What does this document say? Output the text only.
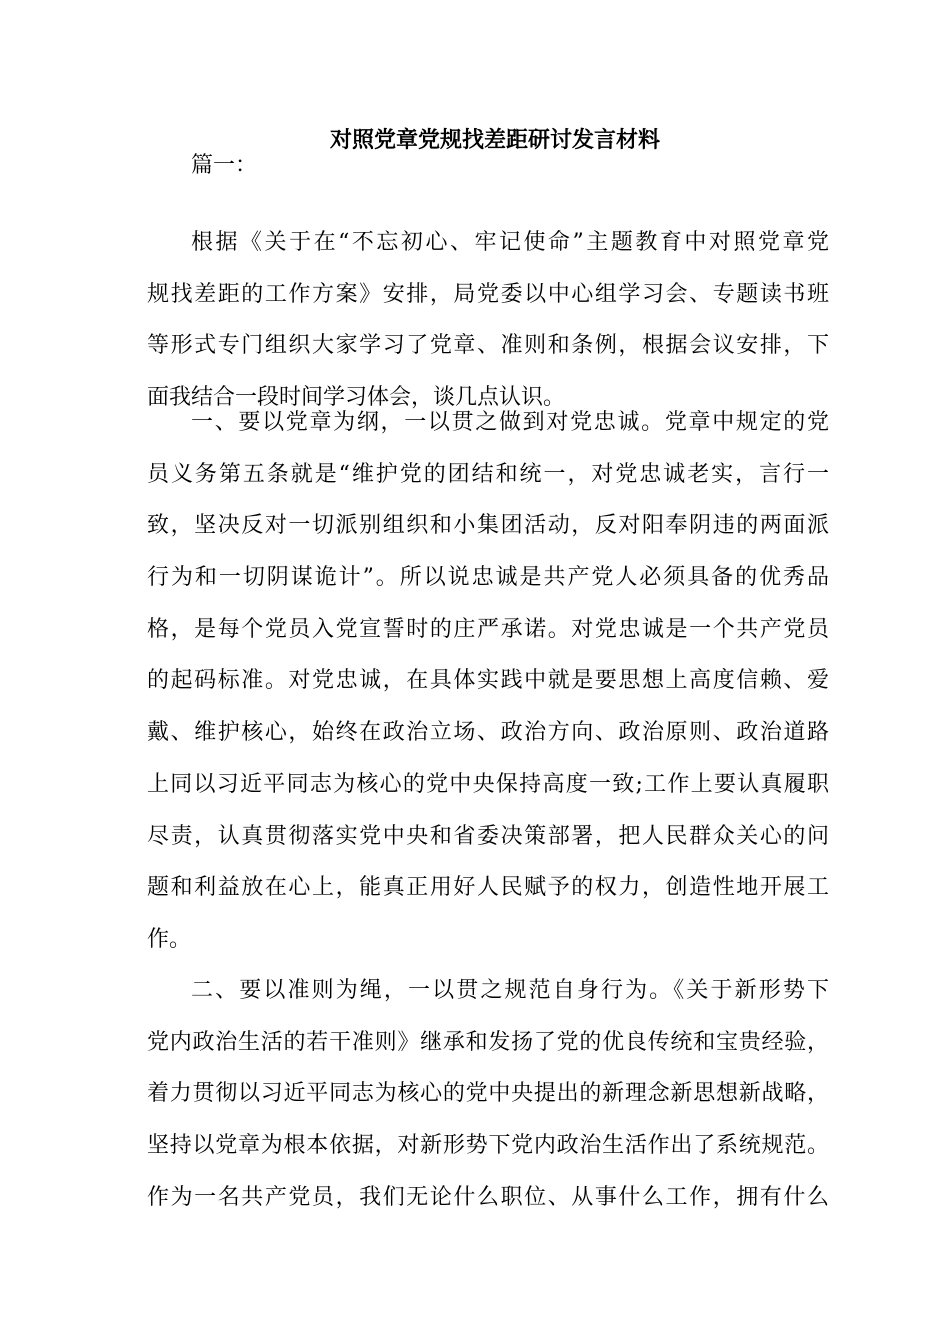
对照党章党规找差距研讨发言材料
篇一：
根据《关于在“不忘初心、牢记使命”主题教育中对照党章党
规找差距的工作方案》安排，局党委以中心组学习会、专题读书班
等形式专门组织大家学习了党章、准则和条例，根据会议安排，下
面我结合一段时间学习体会，谈几点认识。
一、要以党章为纲，一以贯之做到对党忠诚。党章中规定的党
员义务第五条就是“维护党的团结和统一，对党忠诚老实，言行一
致，坚决反对一切派别组织和小集团活动，反对阳奉阴违的两面派
行为和一切阴谋诡计”。所以说忠诚是共产党人必须具备的优秀品
格，是每个党员入党宣誓时的庄严承诺。对党忠诚是一个共产党员
的起码标准。对党忠诚，在具体实践中就是要思想上高度信赖、爱
戴、维护核心，始终在政治立场、政治方向、政治原则、政治道路
上同以习近平同志为核心的党中央保持高度一致;工作上要认真履职
尽责，认真贯彻落实党中央和省委决策部署，把人民群众关心的问
题和利益放在心上，能真正用好人民赋予的权力，创造性地开展工
作。
二、要以准则为绳，一以贯之规范自身行为。《关于新形势下
党内政治生活的若干准则》继承和发扬了党的优良传统和宝贵经验，
着力贯彻以习近平同志为核心的党中央提出的新理念新思想新战略，
坚持以党章为根本依据，对新形势下党内政治生活作出了系统规范。
作为一名共产党员，我们无论什么职位、从事什么工作，拥有什么
